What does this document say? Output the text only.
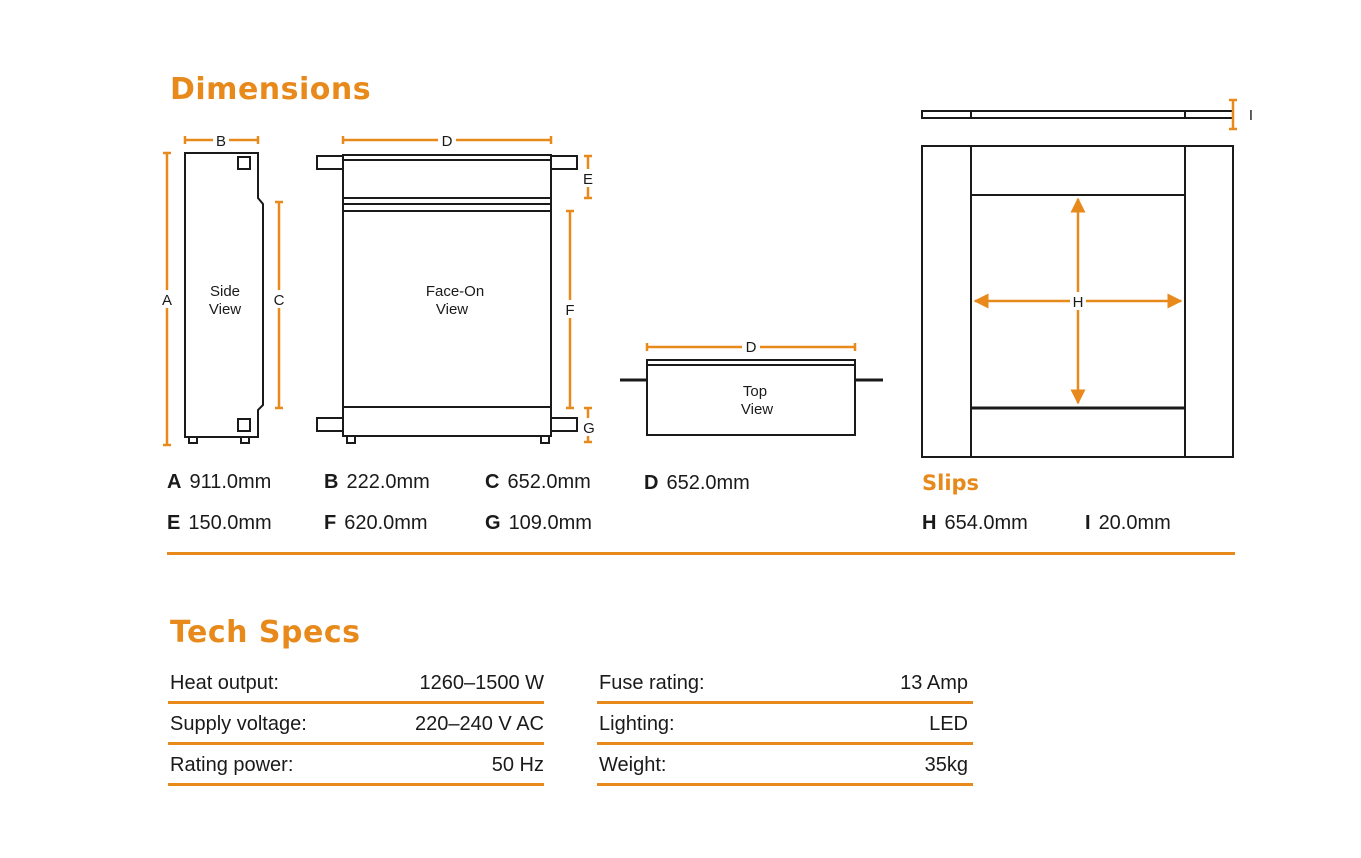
Dimensions
Side
View
A
B
C
Face-On
View
D
E
F
G
Top
View
D
I
H
A 911.0mm	B 222.0mm	C 652.0mm	D 652.0mm
E 150.0mm	F 620.0mm	G 109.0mm
Slips
H 654.0mm	I 20.0mm
Tech Specs
Heat output:	1260–1500 W
Supply voltage:	220–240 V AC
Rating power:	50 Hz
Fuse rating:	13 Amp
Lighting:	LED
Weight:	35kg
